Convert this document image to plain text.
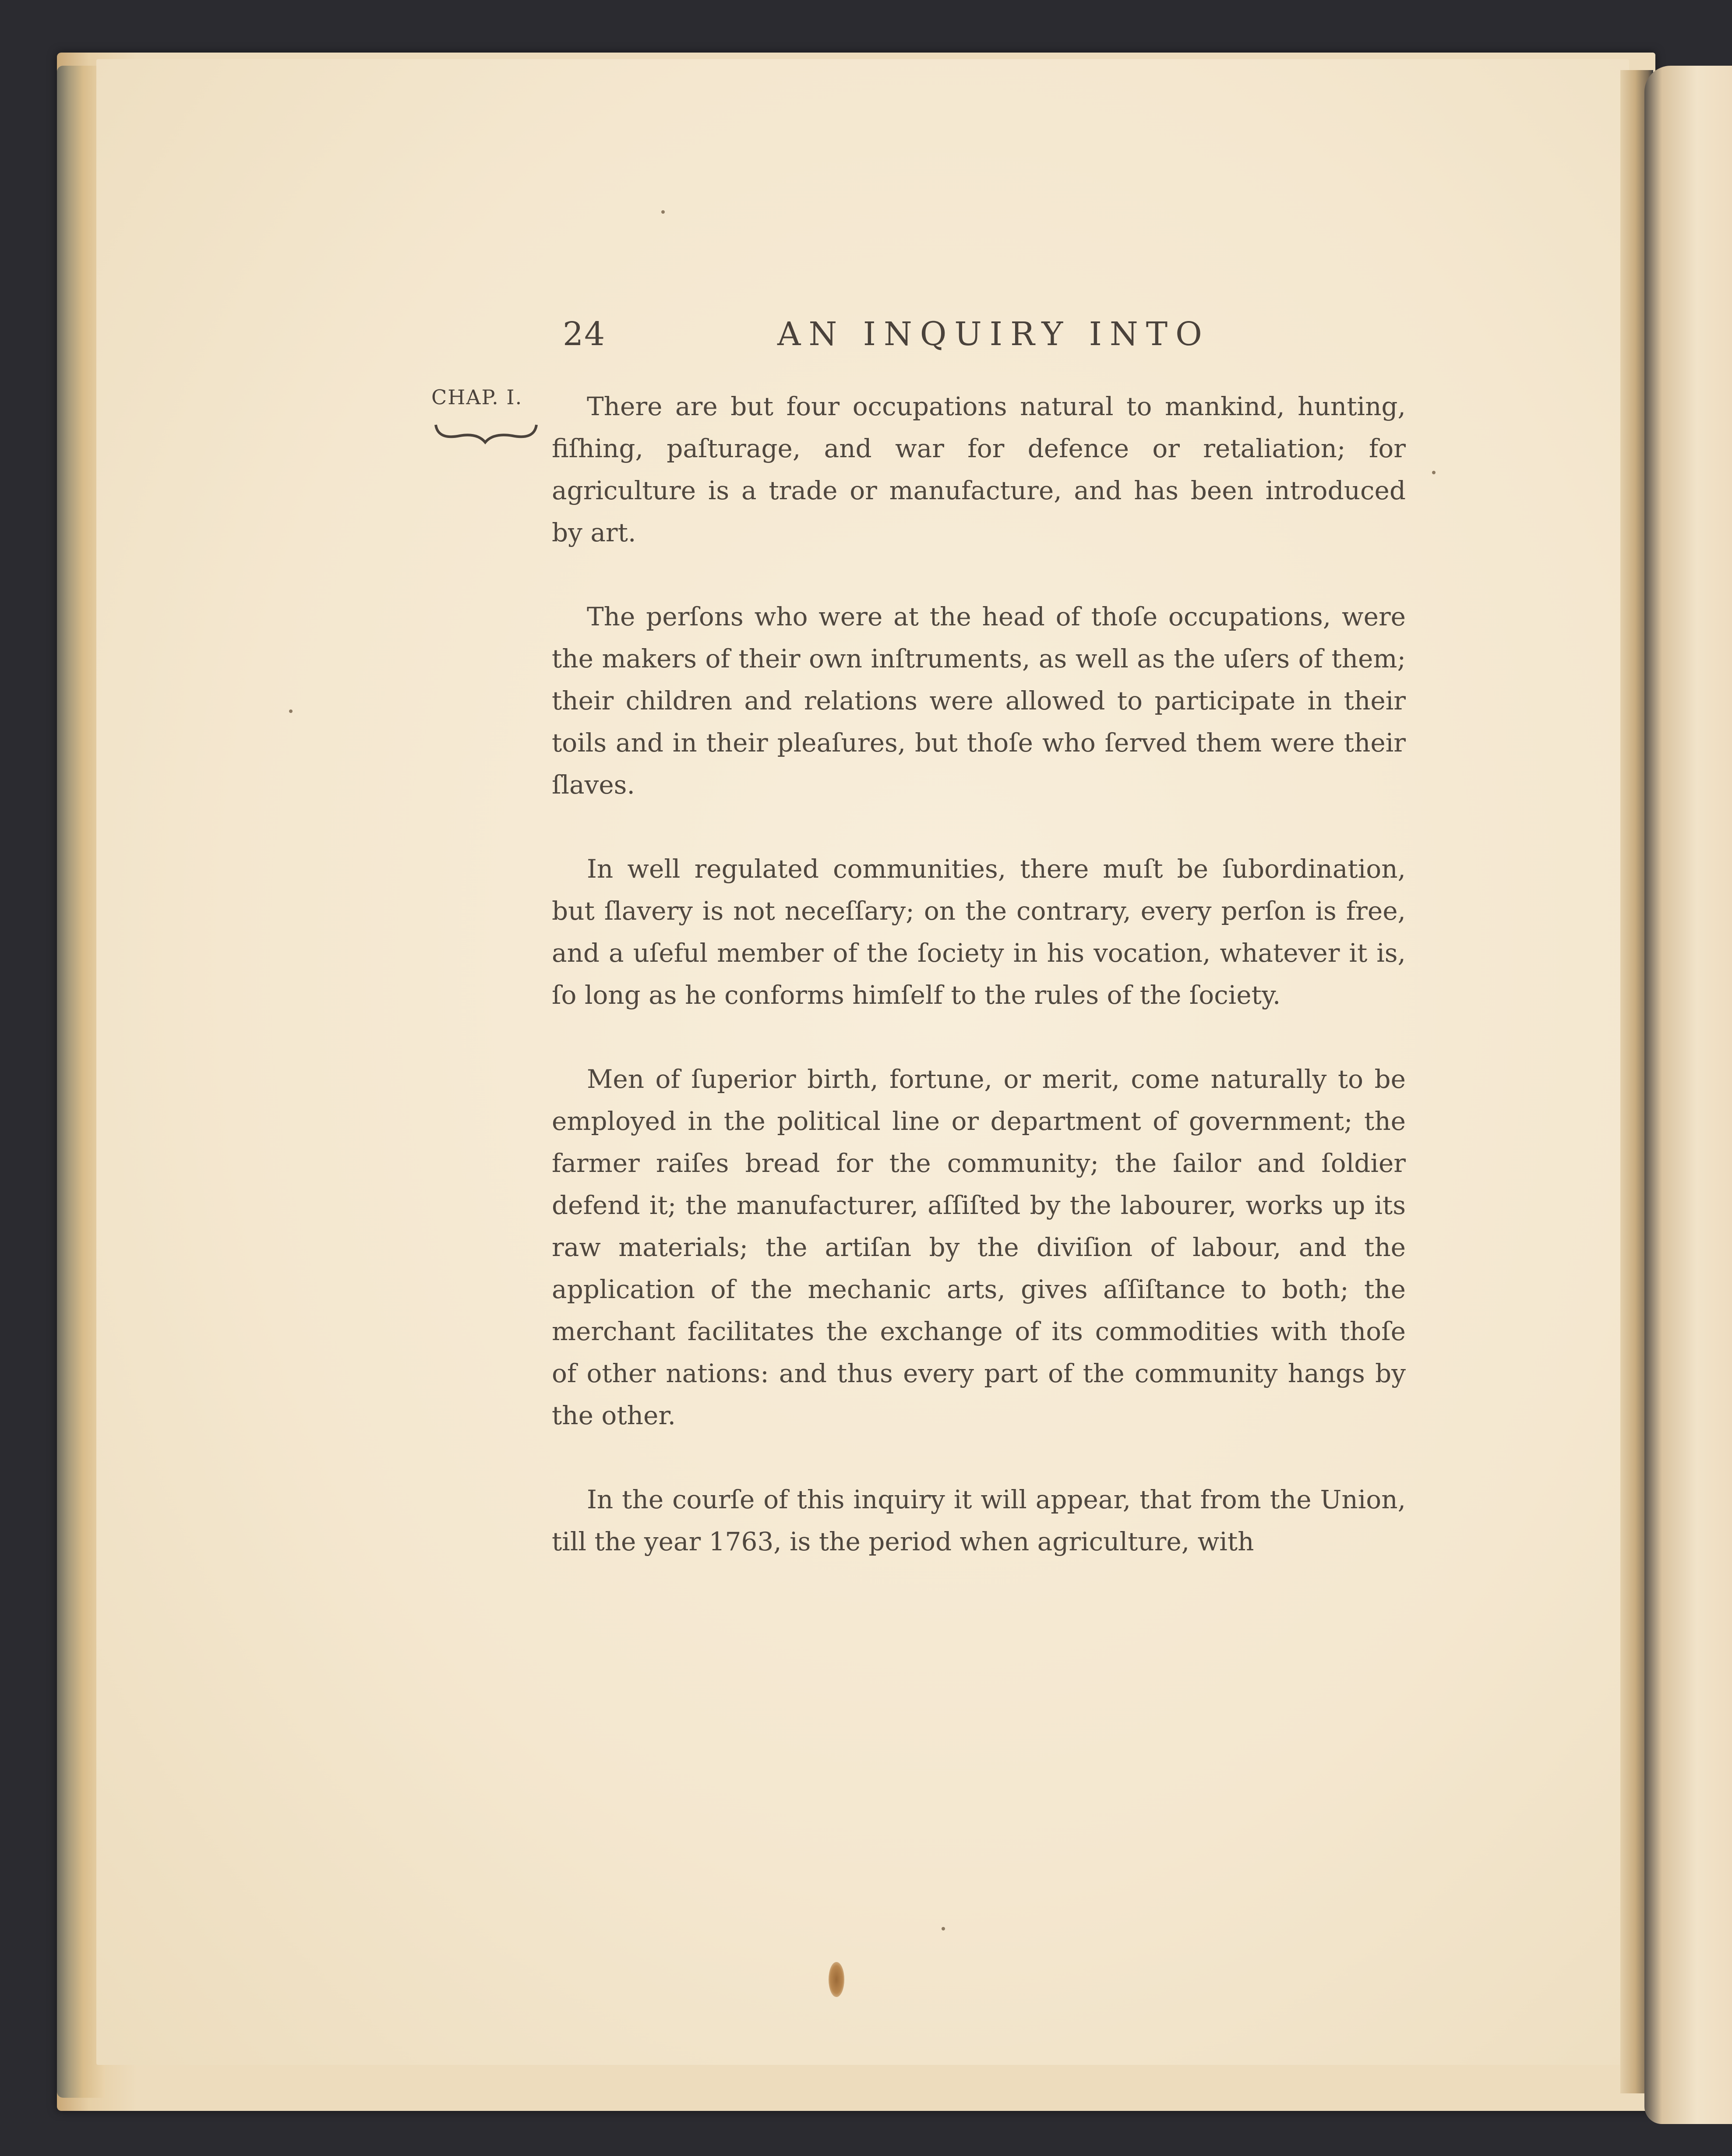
24	AN INQUIRY INTO
CHAP. I.	There are but four occupations natural to mankind, hunting, fiſhing, paſturage, and war for defence or retaliation; for agriculture is a trade or manufacture, and has been introduced by art.

The perſons who were at the head of thoſe occupations, were the makers of their own inſtruments, as well as the uſers of them; their children and relations were allowed to participate in their toils and in their pleaſures, but thoſe who ſerved them were their ſlaves.

In well regulated communities, there muſt be ſubordination, but ſlavery is not neceſſary; on the contrary, every perſon is free, and a uſeful member of the ſociety in his vocation, whatever it is, ſo long as he conforms himſelf to the rules of the ſociety.

Men of ſuperior birth, fortune, or merit, come naturally to be employed in the political line or department of government; the farmer raiſes bread for the community; the ſailor and ſoldier defend it; the manufacturer, aſſiſted by the labourer, works up its raw materials; the artiſan by the diviſion of labour, and the application of the mechanic arts, gives aſſiſtance to both; the merchant facilitates the exchange of its commodities with thoſe of other nations: and thus every part of the community hangs by the other.

In the courſe of this inquiry it will appear, that from the Union, till the year 1763, is the period when agriculture, with
